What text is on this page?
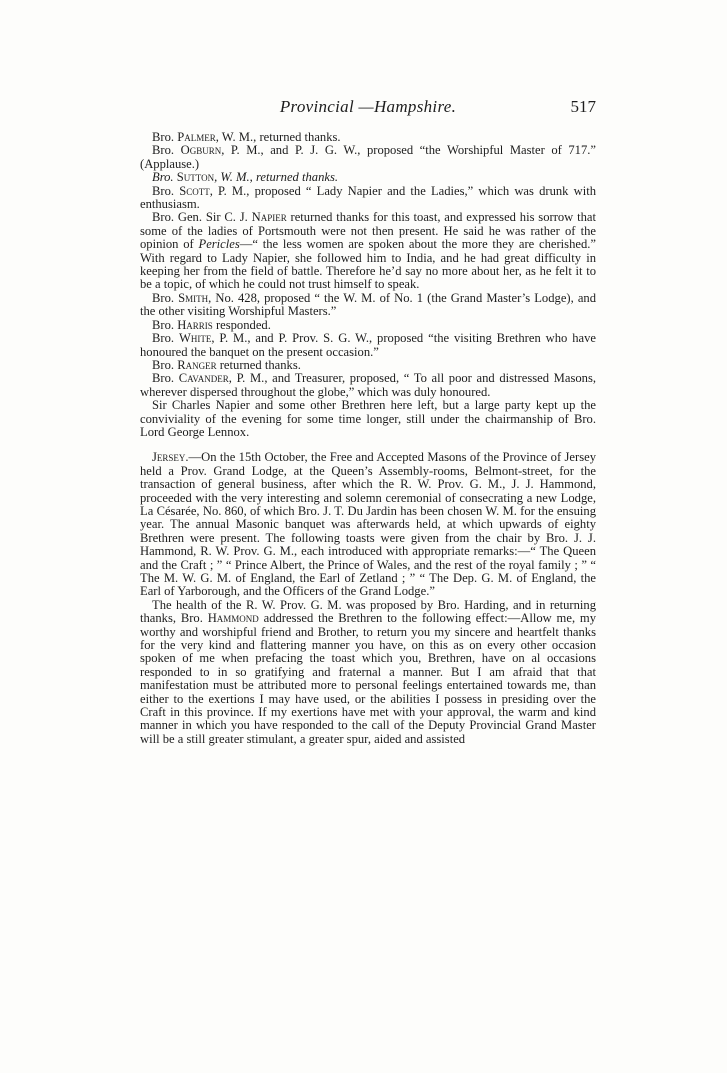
Provincial —Hampshire.	517

Bro. Palmer, W. M., returned thanks.

Bro. Ogburn, P. M., and P. J. G. W., proposed “the Worshipful Master of 717.” (Applause.)

Bro. Sutton, W. M., returned thanks.

Bro. Scott, P. M., proposed “ Lady Napier and the Ladies,” which was drunk with enthusiasm.

Bro. Gen. Sir C. J. Napier returned thanks for this toast, and expressed his sorrow that some of the ladies of Portsmouth were not then present. He said he was rather of the opinion of Pericles—“ the less women are spoken about the more they are cherished.” With regard to Lady Napier, she followed him to India, and he had great difficulty in keeping her from the field of battle. Therefore he’d say no more about her, as he felt it to be a topic, of which he could not trust himself to speak.

Bro. Smith, No. 428, proposed “ the W. M. of No. 1 (the Grand Master’s Lodge), and the other visiting Worshipful Masters.”

Bro. Harris responded.

Bro. White, P. M., and P. Prov. S. G. W., proposed “the visiting Brethren who have honoured the banquet on the present occasion.”

Bro. Ranger returned thanks.

Bro. Cavander, P. M., and Treasurer, proposed, “ To all poor and distressed Masons, wherever dispersed throughout the globe,” which was duly honoured.

Sir Charles Napier and some other Brethren here left, but a large party kept up the conviviality of the evening for some time longer, still under the chairmanship of Bro. Lord George Lennox.

Jersey.—On the 15th October, the Free and Accepted Masons of the Province of Jersey held a Prov. Grand Lodge, at the Queen’s Assembly-rooms, Belmont-street, for the transaction of general business, after which the R. W. Prov. G. M., J. J. Hammond, proceeded with the very interesting and solemn ceremonial of consecrating a new Lodge, La Césarée, No. 860, of which Bro. J. T. Du Jardin has been chosen W. M. for the ensuing year. The annual Masonic banquet was afterwards held, at which upwards of eighty Brethren were present. The following toasts were given from the chair by Bro. J. J. Hammond, R. W. Prov. G. M., each introduced with appropriate remarks:—“ The Queen and the Craft ; ” “ Prince Albert, the Prince of Wales, and the rest of the royal family ; ” “ The M. W. G. M. of England, the Earl of Zetland ; ” “ The Dep. G. M. of England, the Earl of Yarborough, and the Officers of the Grand Lodge.”

The health of the R. W. Prov. G. M. was proposed by Bro. Harding, and in returning thanks, Bro. Hammond addressed the Brethren to the following effect:—Allow me, my worthy and worshipful friend and Brother, to return you my sincere and heartfelt thanks for the very kind and flattering manner you have, on this as on every other occasion spoken of me when prefacing the toast which you, Brethren, have on al occasions responded to in so gratifying and fraternal a manner. But I am afraid that that manifestation must be attributed more to personal feelings entertained towards me, than either to the exertions I may have used, or the abilities I possess in presiding over the Craft in this province. If my exertions have met with your approval, the warm and kind manner in which you have responded to the call of the Deputy Provincial Grand Master will be a still greater stimulant, a greater spur, aided and assisted
